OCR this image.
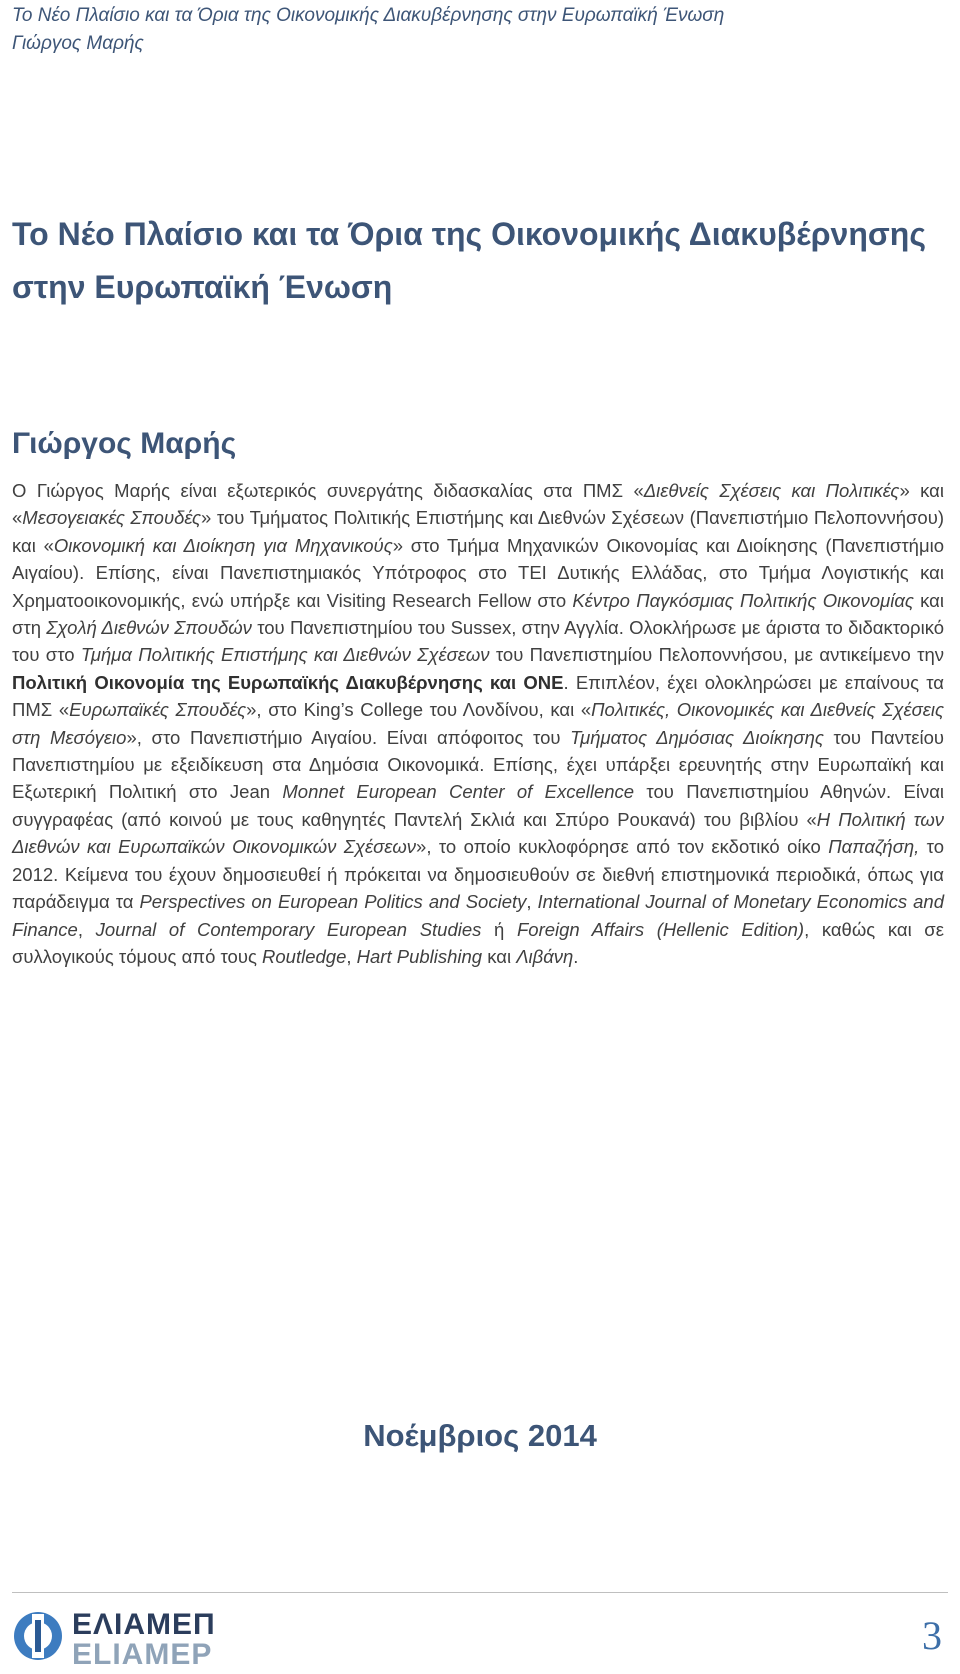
Το Νέο Πλαίσιο και τα Όρια της Οικονομικής Διακυβέρνησης στην Ευρωπαϊκή Ένωση
Γιώργος Μαρής
Το Νέο Πλαίσιο και τα Όρια της Οικονομικής Διακυβέρνησης
στην Ευρωπαϊκή Ένωση
Γιώργος Μαρής

Ο Γιώργος Μαρής είναι εξωτερικός συνεργάτης διδασκαλίας στα ΠΜΣ «Διεθνείς Σχέσεις και Πολιτικές» και «Μεσογειακές Σπουδές» του Τμήματος Πολιτικής Επιστήμης και Διεθνών Σχέσεων (Πανεπιστήμιο Πελοποννήσου) και «Οικονομική και Διοίκηση για Μηχανικούς» στο Τμήμα Μηχανικών Οικονομίας και Διοίκησης (Πανεπιστήμιο Αιγαίου). Επίσης, είναι Πανεπιστημιακός Υπότροφος στο ΤΕΙ Δυτικής Ελλάδας, στο Τμήμα Λογιστικής και Χρηματοοικονομικής, ενώ υπήρξε και Visiting Research Fellow στο Κέντρο Παγκόσμιας Πολιτικής Οικονομίας και στη Σχολή Διεθνών Σπουδών του Πανεπιστημίου του Sussex, στην Αγγλία. Ολοκλήρωσε με άριστα το διδακτορικό του στο Τμήμα Πολιτικής Επιστήμης και Διεθνών Σχέσεων του Πανεπιστημίου Πελοποννήσου, με αντικείμενο την Πολιτική Οικονομία της Ευρωπαϊκής Διακυβέρνησης και ΟΝΕ. Επιπλέον, έχει ολοκληρώσει με επαίνους τα ΠΜΣ «Ευρωπαϊκές Σπουδές», στο King’s College του Λονδίνου, και «Πολιτικές, Οικονομικές και Διεθνείς Σχέσεις στη Μεσόγειο», στο Πανεπιστήμιο Αιγαίου. Είναι απόφοιτος του Τμήματος Δημόσιας Διοίκησης του Παντείου Πανεπιστημίου με εξειδίκευση στα Δημόσια Οικονομικά. Επίσης, έχει υπάρξει ερευνητής στην Ευρωπαϊκή και Εξωτερική Πολιτική στο Jean Monnet European Center of Excellence του Πανεπιστημίου Αθηνών. Είναι συγγραφέας (από κοινού με τους καθηγητές Παντελή Σκλιά και Σπύρο Ρουκανά) του βιβλίου «Η Πολιτική των Διεθνών και Ευρωπαϊκών Οικονομικών Σχέσεων», το οποίο κυκλοφόρησε από τον εκδοτικό οίκο Παπαζήση, το 2012. Κείμενα του έχουν δημοσιευθεί ή πρόκειται να δημοσιευθούν σε διεθνή επιστημονικά περιοδικά, όπως για παράδειγμα τα Perspectives on European Politics and Society, International Journal of Monetary Economics and Finance, Journal of Contemporary European Studies ή Foreign Affairs (Hellenic Edition), καθώς και σε συλλογικούς τόμους από τους Routledge, Hart Publishing και Λιβάνη.

Νοέμβριος 2014
ΕΛΙΑΜΕΠ
ELIAMEP	3
